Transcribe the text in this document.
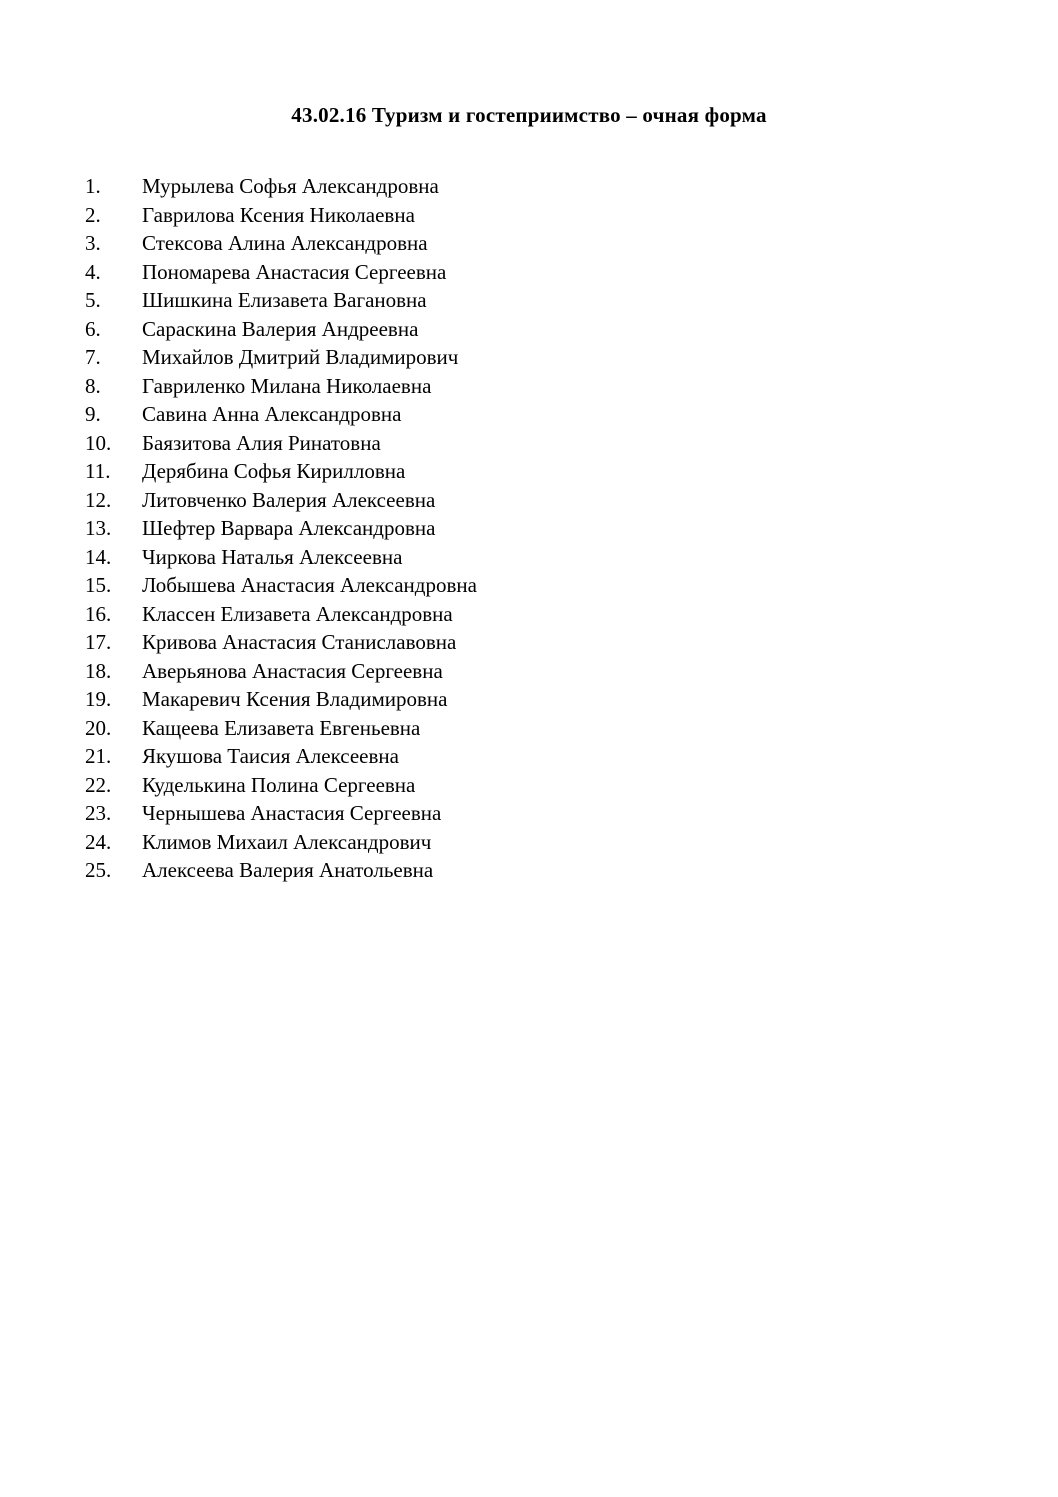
43.02.16 Туризм и гостеприимство – очная форма
1.	Мурылева Софья Александровна
2.	Гаврилова Ксения Николаевна
3.	Стексова Алина Александровна
4.	Пономарева Анастасия Сергеевна
5.	Шишкина Елизавета Вагановна
6.	Сараскина Валерия Андреевна
7.	Михайлов Дмитрий Владимирович
8.	Гавриленко Милана Николаевна
9.	Савина Анна Александровна
10.	Баязитова Алия Ринатовна
11.	Дерябина Софья Кирилловна
12.	Литовченко Валерия Алексеевна
13.	Шефтер Варвара Александровна
14.	Чиркова Наталья Алексеевна
15.	Лобышева Анастасия Александровна
16.	Классен Елизавета Александровна
17.	Кривова Анастасия Станиславовна
18.	Аверьянова Анастасия Сергеевна
19.	Макаревич Ксения Владимировна
20.	Кащеева Елизавета Евгеньевна
21.	Якушова Таисия Алексеевна
22.	Куделькина Полина Сергеевна
23.	Чернышева Анастасия Сергеевна
24.	Климов Михаил Александрович
25.	Алексеева Валерия Анатольевна
